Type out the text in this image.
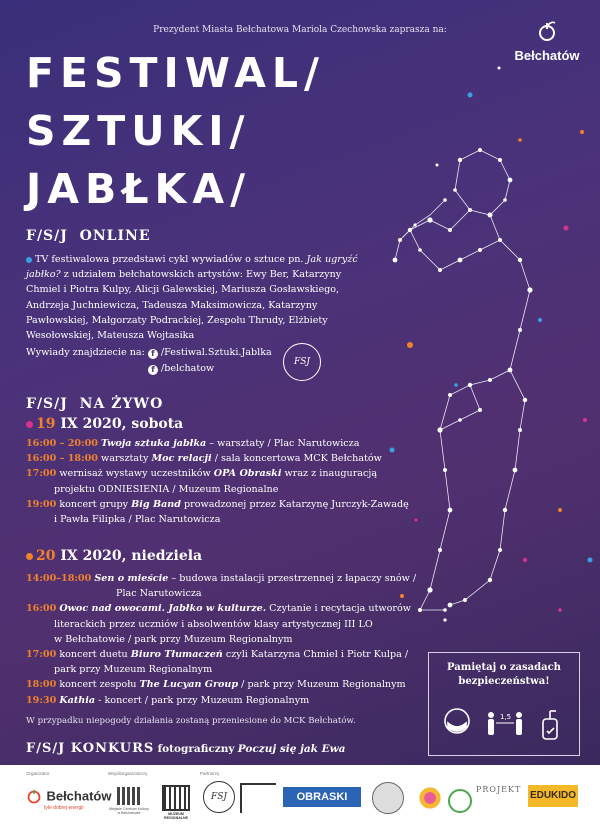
Prezydent Miasta Bełchatowa Mariola Czechowska zaprasza na:
FESTIWAL/
SZTUKI/
JABŁKA/
Bełchatów
F/S/J ONLINE
TV festiwalowa przedstawi cykl wywiadów o sztuce pn. Jak ugryźć jabłko? z udziałem bełchatowskich artystów: Ewy Ber, Katarzyny Chmiel i Piotra Kulpy, Alicji Galewskiej, Mariusza Gosławskiego, Andrzeja Juchniewicza, Tadeusza Maksimowicza, Katarzyny Pawłowskiej, Małgorzaty Podrackiej, Zespołu Thrudy, Elżbiety Wesołowskiej, Mateusza Wojtasika
Wywiady znajdziecie na: f /Festiwal.Sztuki.Jablka
f /belchatow
FSJ
F/S/J NA ŻYWO
19 IX 2020, sobota
16:00 – 20:00 Twoja sztuka jabłka – warsztaty / Plac Narutowicza
16:00 – 18:00 warsztaty Moc relacji / sala koncertowa MCK Bełchatów
17:00 wernisaż wystawy uczestników OPA Obraski wraz z inauguracją
projektu ODNIESIENIA / Muzeum Regionalne
19:00 koncert grupy Big Band prowadzonej przez Katarzynę Jurczyk-Zawadę
i Pawła Filipka / Plac Narutowicza
20 IX 2020, niedziela
14:00–18:00 Sen o mieście – budowa instalacji przestrzennej z łapaczy snów /
Plac Narutowicza
16:00 Owoc nad owocami. Jabłko w kulturze. Czytanie i recytacja utworów
literackich przez uczniów i absolwentów klasy artystycznej III LO
w Bełchatowie / park przy Muzeum Regionalnym
17:00 koncert duetu Biuro Tłumaczeń czyli Katarzyna Chmiel i Piotr Kulpa /
park przy Muzeum Regionalnym
18:00 koncert zespołu The Lucyan Group / park przy Muzeum Regionalnym
19:30 Kathia - koncert / park przy Muzeum Regionalnym
W przypadku niepogody działania zostaną przeniesione do MCK Bełchatów.
F/S/J KONKURS fotograficzny Poczuj się jak Ewa
Pamiętaj o zasadach
bezpieczeństwa!
1,5
Organizator	Współorganizatorzy	Partnerzy
Bełchatów
tyle dobrej energii	Miejskie Centrum Kultury w Bełchatowie	MUZEUM REGIONALNE
FSJ	OBRASKI
PROJEKT
EDUKIDO
